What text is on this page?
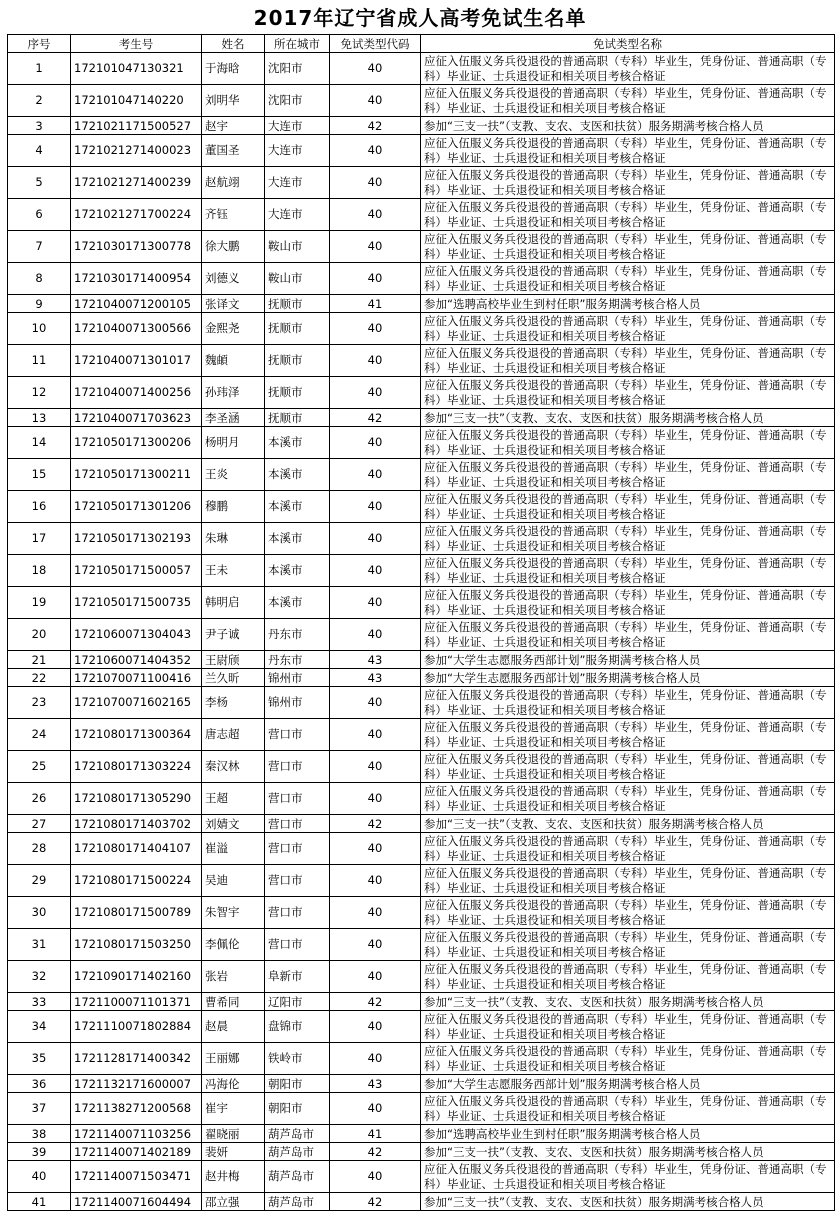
2017年辽宁省成人高考免试生名单
序号	考生号	姓名	所在城市	免试类型代码	免试类型名称
1	172101047130321	于海晗	沈阳市	40	应征入伍服义务兵役退役的普通高职（专科）毕业生，凭身份证、普通高职（专科）毕业证、士兵退役证和相关项目考核合格证
2	172101047140220	刘明华	沈阳市	40	应征入伍服义务兵役退役的普通高职（专科）毕业生，凭身份证、普通高职（专科）毕业证、士兵退役证和相关项目考核合格证
3	1721021171500527	赵宇	大连市	42	参加“三支一扶”（支教、支农、支医和扶贫）服务期满考核合格人员
4	1721021271400023	董国圣	大连市	40	应征入伍服义务兵役退役的普通高职（专科）毕业生，凭身份证、普通高职（专科）毕业证、士兵退役证和相关项目考核合格证
5	1721021271400239	赵航翊	大连市	40	应征入伍服义务兵役退役的普通高职（专科）毕业生，凭身份证、普通高职（专科）毕业证、士兵退役证和相关项目考核合格证
6	1721021271700224	齐钰	大连市	40	应征入伍服义务兵役退役的普通高职（专科）毕业生，凭身份证、普通高职（专科）毕业证、士兵退役证和相关项目考核合格证
7	1721030171300778	徐大鹏	鞍山市	40	应征入伍服义务兵役退役的普通高职（专科）毕业生，凭身份证、普通高职（专科）毕业证、士兵退役证和相关项目考核合格证
8	1721030171400954	刘德义	鞍山市	40	应征入伍服义务兵役退役的普通高职（专科）毕业生，凭身份证、普通高职（专科）毕业证、士兵退役证和相关项目考核合格证
9	1721040071200105	张译文	抚顺市	41	参加“选聘高校毕业生到村任职”服务期满考核合格人员
10	1721040071300566	金熙尧	抚顺市	40	应征入伍服义务兵役退役的普通高职（专科）毕业生，凭身份证、普通高职（专科）毕业证、士兵退役证和相关项目考核合格证
11	1721040071301017	魏頔	抚顺市	40	应征入伍服义务兵役退役的普通高职（专科）毕业生，凭身份证、普通高职（专科）毕业证、士兵退役证和相关项目考核合格证
12	1721040071400256	孙玮泽	抚顺市	40	应征入伍服义务兵役退役的普通高职（专科）毕业生，凭身份证、普通高职（专科）毕业证、士兵退役证和相关项目考核合格证
13	1721040071703623	李圣涵	抚顺市	42	参加“三支一扶”（支教、支农、支医和扶贫）服务期满考核合格人员
14	1721050171300206	杨明月	本溪市	40	应征入伍服义务兵役退役的普通高职（专科）毕业生，凭身份证、普通高职（专科）毕业证、士兵退役证和相关项目考核合格证
15	1721050171300211	王炎	本溪市	40	应征入伍服义务兵役退役的普通高职（专科）毕业生，凭身份证、普通高职（专科）毕业证、士兵退役证和相关项目考核合格证
16	1721050171301206	穆鹏	本溪市	40	应征入伍服义务兵役退役的普通高职（专科）毕业生，凭身份证、普通高职（专科）毕业证、士兵退役证和相关项目考核合格证
17	1721050171302193	朱琳	本溪市	40	应征入伍服义务兵役退役的普通高职（专科）毕业生，凭身份证、普通高职（专科）毕业证、士兵退役证和相关项目考核合格证
18	1721050171500057	王未	本溪市	40	应征入伍服义务兵役退役的普通高职（专科）毕业生，凭身份证、普通高职（专科）毕业证、士兵退役证和相关项目考核合格证
19	1721050171500735	韩明启	本溪市	40	应征入伍服义务兵役退役的普通高职（专科）毕业生，凭身份证、普通高职（专科）毕业证、士兵退役证和相关项目考核合格证
20	1721060071304043	尹子诚	丹东市	40	应征入伍服义务兵役退役的普通高职（专科）毕业生，凭身份证、普通高职（专科）毕业证、士兵退役证和相关项目考核合格证
21	1721060071404352	王尉颀	丹东市	43	参加“大学生志愿服务西部计划”服务期满考核合格人员
22	1721070071100416	兰久昕	锦州市	43	参加“大学生志愿服务西部计划”服务期满考核合格人员
23	1721070071602165	李杨	锦州市	40	应征入伍服义务兵役退役的普通高职（专科）毕业生，凭身份证、普通高职（专科）毕业证、士兵退役证和相关项目考核合格证
24	1721080171300364	唐志超	营口市	40	应征入伍服义务兵役退役的普通高职（专科）毕业生，凭身份证、普通高职（专科）毕业证、士兵退役证和相关项目考核合格证
25	1721080171303224	秦汉林	营口市	40	应征入伍服义务兵役退役的普通高职（专科）毕业生，凭身份证、普通高职（专科）毕业证、士兵退役证和相关项目考核合格证
26	1721080171305290	王超	营口市	40	应征入伍服义务兵役退役的普通高职（专科）毕业生，凭身份证、普通高职（专科）毕业证、士兵退役证和相关项目考核合格证
27	1721080171403702	刘婧文	营口市	42	参加“三支一扶”（支教、支农、支医和扶贫）服务期满考核合格人员
28	1721080171404107	崔溢	营口市	40	应征入伍服义务兵役退役的普通高职（专科）毕业生，凭身份证、普通高职（专科）毕业证、士兵退役证和相关项目考核合格证
29	1721080171500224	吴迪	营口市	40	应征入伍服义务兵役退役的普通高职（专科）毕业生，凭身份证、普通高职（专科）毕业证、士兵退役证和相关项目考核合格证
30	1721080171500789	朱智宇	营口市	40	应征入伍服义务兵役退役的普通高职（专科）毕业生，凭身份证、普通高职（专科）毕业证、士兵退役证和相关项目考核合格证
31	1721080171503250	李佩伦	营口市	40	应征入伍服义务兵役退役的普通高职（专科）毕业生，凭身份证、普通高职（专科）毕业证、士兵退役证和相关项目考核合格证
32	1721090171402160	张岩	阜新市	40	应征入伍服义务兵役退役的普通高职（专科）毕业生，凭身份证、普通高职（专科）毕业证、士兵退役证和相关项目考核合格证
33	1721100071101371	曹希同	辽阳市	42	参加“三支一扶”（支教、支农、支医和扶贫）服务期满考核合格人员
34	1721110071802884	赵晨	盘锦市	40	应征入伍服义务兵役退役的普通高职（专科）毕业生，凭身份证、普通高职（专科）毕业证、士兵退役证和相关项目考核合格证
35	1721128171400342	王丽娜	铁岭市	40	应征入伍服义务兵役退役的普通高职（专科）毕业生，凭身份证、普通高职（专科）毕业证、士兵退役证和相关项目考核合格证
36	1721132171600007	冯海伦	朝阳市	43	参加“大学生志愿服务西部计划”服务期满考核合格人员
37	1721138271200568	崔宇	朝阳市	40	应征入伍服义务兵役退役的普通高职（专科）毕业生，凭身份证、普通高职（专科）毕业证、士兵退役证和相关项目考核合格证
38	1721140071103256	翟晓丽	葫芦岛市	41	参加“选聘高校毕业生到村任职”服务期满考核合格人员
39	1721140071402189	裴妍	葫芦岛市	42	参加“三支一扶”（支教、支农、支医和扶贫）服务期满考核合格人员
40	1721140071503471	赵井梅	葫芦岛市	40	应征入伍服义务兵役退役的普通高职（专科）毕业生，凭身份证、普通高职（专科）毕业证、士兵退役证和相关项目考核合格证
41	1721140071604494	邵立强	葫芦岛市	42	参加“三支一扶”（支教、支农、支医和扶贫）服务期满考核合格人员
